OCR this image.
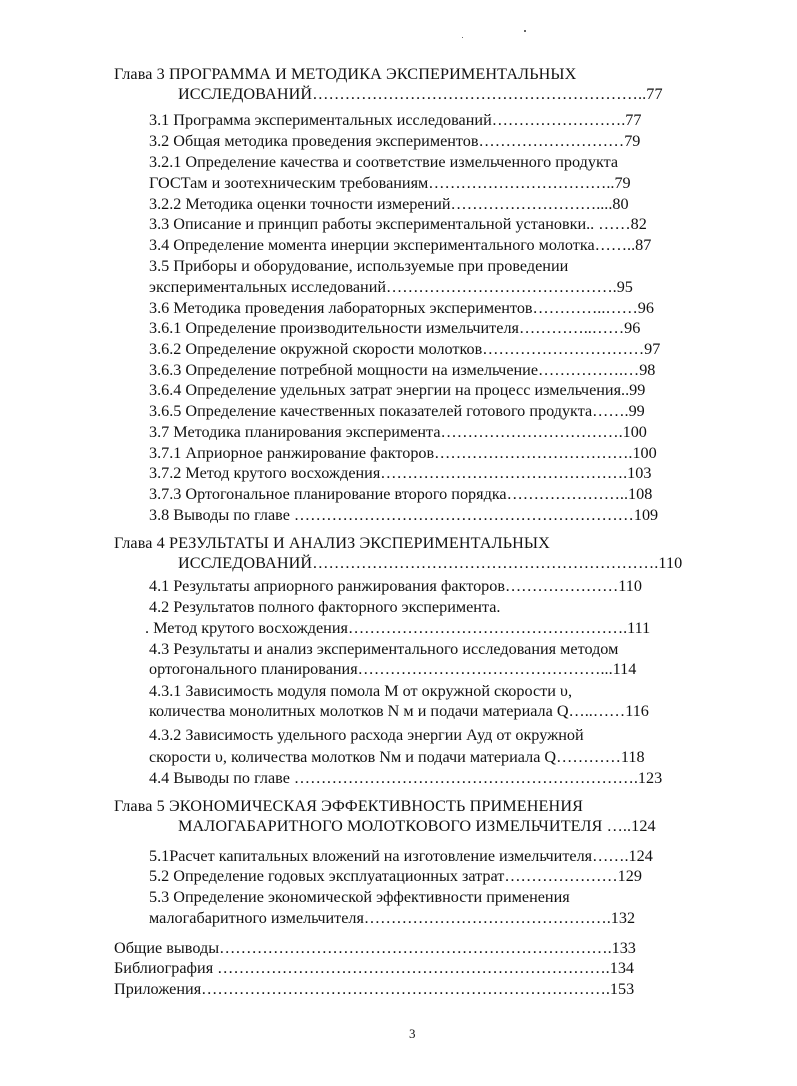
Глава 3 ПРОГРАММА И МЕТОДИКА ЭКСПЕРИМЕНТАЛЬНЫХ
ИССЛЕДОВАНИЙ……………………………………………………..77
3.1 Программа экспериментальных исследований…………………….77
3.2 Общая методика проведения экспериментов………………………79
3.2.1 Определение качества и соответствие измельченного продукта
ГОСТам и зоотехническим требованиям……………………………..79
3.2.2 Методика оценки точности измерений………………………....80
3.3 Описание и принцип работы экспериментальной установки.. ……82
3.4 Определение момента инерции экспериментального молотка……..87
3.5 Приборы и оборудование, используемые при проведении
экспериментальных исследований…………………………………….95
3.6 Методика проведения лабораторных экспериментов…………..……96
3.6.1 Определение производительности измельчителя…………..……96
3.6.2 Определение окружной скорости молотков…………………………97
3.6.3 Определение потребной мощности на измельчение…………….…98
3.6.4 Определение удельных затрат энергии на процесс измельчения..99
3.6.5 Определение качественных показателей готового продукта…….99
3.7 Методика планирования эксперимента…………………………….100
3.7.1 Априорное ранжирование факторов……………………………….100
3.7.2 Метод крутого восхождения……………………………………….103
3.7.3 Ортогональное планирование второго порядка…………………..108
3.8 Выводы по главе ………………………………………………………109
Глава 4 РЕЗУЛЬТАТЫ И АНАЛИЗ ЭКСПЕРИМЕНТАЛЬНЫХ
ИССЛЕДОВАНИЙ……………………………………………………….110
4.1 Результаты априорного ранжирования факторов…………………110
4.2 Результатов полного факторного эксперимента.
. Метод крутого восхождения…………………………………………….111
4.3 Результаты и анализ экспериментального исследования методом
ортогонального планирования………………………………………...114
4.3.1 Зависимость модуля помола М от окружной скорости υ,
количества монолитных молотков N м и подачи материала Q…..……116
4.3.2 Зависимость удельного расхода энергии Ауд от окружной
скорости υ, количества молотков Nм и подачи материала Q…………118
4.4 Выводы по главе ……………………………………………………….123
Глава 5 ЭКОНОМИЧЕСКАЯ ЭФФЕКТИВНОСТЬ ПРИМЕНЕНИЯ
МАЛОГАБАРИТНОГО МОЛОТКОВОГО ИЗМЕЛЬЧИТЕЛЯ …..124
5.1Расчет капитальных вложений на изготовление измельчителя…….124
5.2 Определение годовых эксплуатационных затрат…………………129
5.3 Определение экономической эффективности применения
малогабаритного измельчителя……………………………………….132
Общие выводы……………………………………………………………….133
Библиография ……………………………………………………………….134
Приложения………………………………………………………………….153
3
